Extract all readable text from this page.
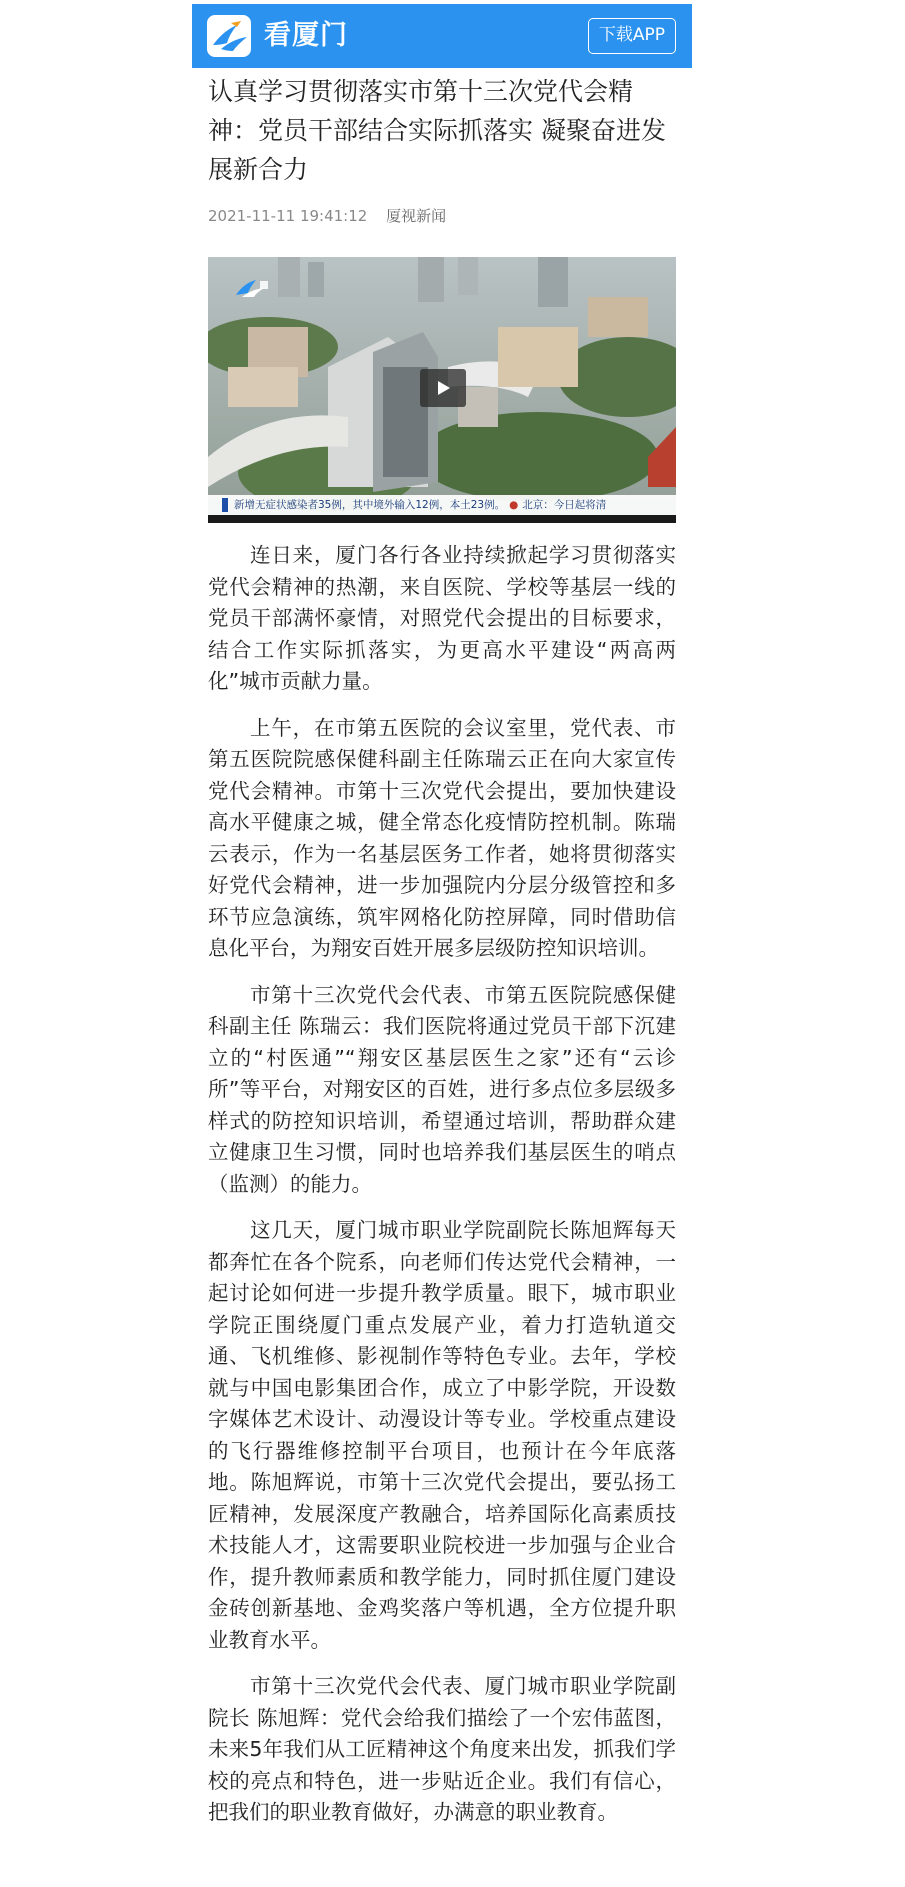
看厦门	下载APP
认真学习贯彻落实市第十三次党代会精神：党员干部结合实际抓落实 凝聚奋进发展新合力
2021-11-11 19:41:12 厦视新闻
新增无症状感染者35例，其中境外输入12例，本土23例。 ● 北京：今日起将清

连日来，厦门各行各业持续掀起学习贯彻落实党代会精神的热潮，来自医院、学校等基层一线的党员干部满怀豪情，对照党代会提出的目标要求，结合工作实际抓落实，为更高水平建设“两高两化”城市贡献力量。

上午，在市第五医院的会议室里，党代表、市第五医院院感保健科副主任陈瑞云正在向大家宣传党代会精神。市第十三次党代会提出，要加快建设高水平健康之城，健全常态化疫情防控机制。陈瑞云表示，作为一名基层医务工作者，她将贯彻落实好党代会精神，进一步加强院内分层分级管控和多环节应急演练，筑牢网格化防控屏障，同时借助信息化平台，为翔安百姓开展多层级防控知识培训。

市第十三次党代会代表、市第五医院院感保健科副主任 陈瑞云：我们医院将通过党员干部下沉建立的“村医通”“翔安区基层医生之家”还有“云诊所”等平台，对翔安区的百姓，进行多点位多层级多样式的防控知识培训，希望通过培训，帮助群众建立健康卫生习惯，同时也培养我们基层医生的哨点（监测）的能力。

这几天，厦门城市职业学院副院长陈旭辉每天都奔忙在各个院系，向老师们传达党代会精神，一起讨论如何进一步提升教学质量。眼下，城市职业学院正围绕厦门重点发展产业，着力打造轨道交通、飞机维修、影视制作等特色专业。去年，学校就与中国电影集团合作，成立了中影学院，开设数字媒体艺术设计、动漫设计等专业。学校重点建设的飞行器维修控制平台项目，也预计在今年底落地。陈旭辉说，市第十三次党代会提出，要弘扬工匠精神，发展深度产教融合，培养国际化高素质技术技能人才，这需要职业院校进一步加强与企业合作，提升教师素质和教学能力，同时抓住厦门建设金砖创新基地、金鸡奖落户等机遇，全方位提升职业教育水平。

市第十三次党代会代表、厦门城市职业学院副院长 陈旭辉：党代会给我们描绘了一个宏伟蓝图，未来5年我们从工匠精神这个角度来出发，抓我们学校的亮点和特色，进一步贴近企业。我们有信心，把我们的职业教育做好，办满意的职业教育。
